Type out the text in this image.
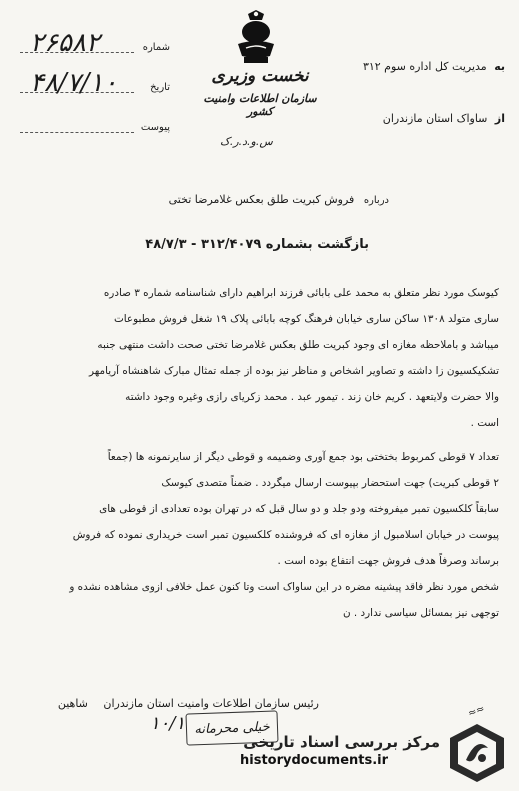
به مدیریت کل اداره سوم ۳۱۲
از ساواک استان مازندران
نخست وزیری
سازمان اطلاعات وامنیت کشور
س.و.د.ر.ک
شماره
۲۶۵۸۲
تاریخ
۴۸/۷/۱۰
پیوست
درباره فروش کبریت طلق بعکس غلامرضا تختی
بازگشت بشماره ۳۱۲/۴۰۷۹ - ۴۸/۷/۳
کیوسک مورد نظر متعلق به محمد علی بابائی فرزند ابراهیم دارای شناسنامه شماره ۳ صادره
ساری متولد ۱۳۰۸ ساکن ساری خیابان فرهنگ کوچه بابائی پلاک ۱۹ شغل فروش مطبوعات
میباشد و باملاحظه مغازه ای وجود کبریت طلق بعکس غلامرضا تختی صحت داشت منتهی جنبه
تشکیکسیون زا داشته و تصاویر اشخاص و مناظر نیز بوده از جمله تمثال مبارک شاهنشاه آریامهر
والا حضرت ولایتعهد . کریم خان زند . تیمور عبد . محمد زکریای رازی وغیره وجود داشته
است .
تعداد ۷ قوطی کمربوط بختختی بود جمع آوری وضمیمه و قوطی دیگر از سایرنمونه ها (جمعاً
۲ قوطی کبریت) جهت استحضار بپیوست ارسال میگردد . ضمناً متصدی کیوسک
سابقاً کلکسیون تمبر میفروخته ودو جلد و دو سال قبل که در تهران بوده تعدادی از قوطی های
پیوست در خیابان اسلامبول از مغازه ای که فروشنده کلکسیون تمبر است خریداری نموده که فروش
برساند وصرفاً هدف فروش جهت انتفاع بوده است .
شخص مورد نظر فاقد پیشینه مضره در این ساواک است وتا کنون عمل خلافی ازوی مشاهده نشده و
توجهی نیز بمسائل سیاسی ندارد . ن
رئیس سازمان اطلاعات وامنیت استان مازندران شاهین
خیلی محرمانه
۱۰/۱
≈≈
مرکز بررسی اسناد تاریخی
historydocuments.ir
